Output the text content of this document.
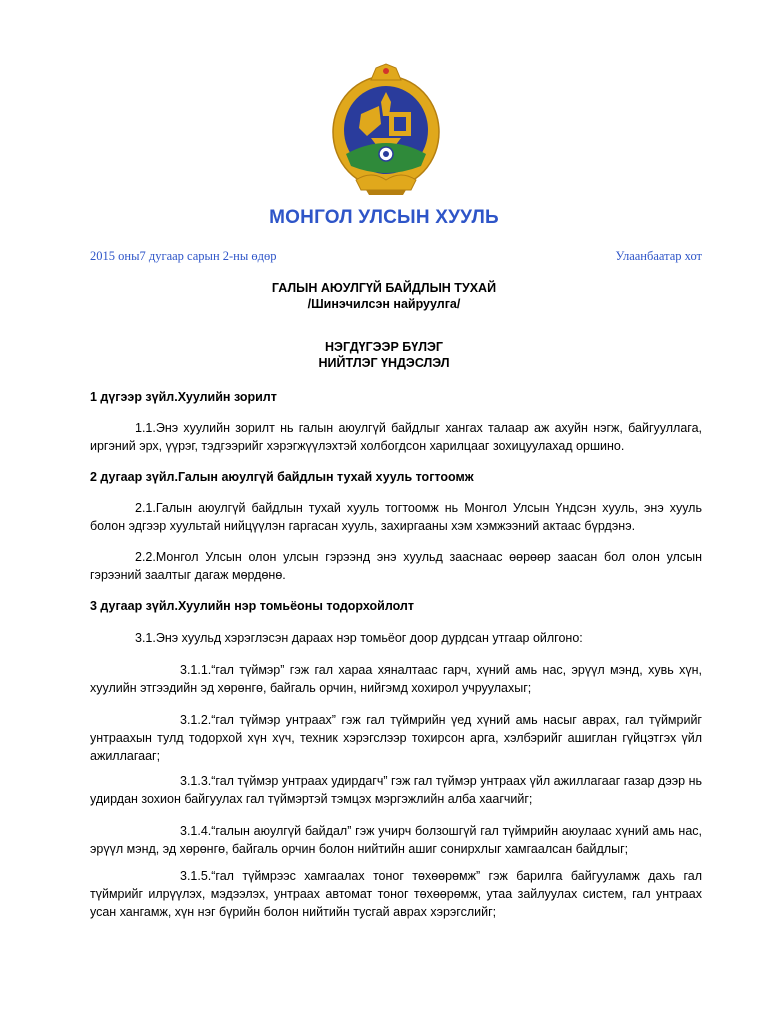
МОНГОЛ УЛСЫН ХУУЛЬ
2015 оны7 дугаар сарын 2-ны өдөр	Улаанбаатар хот
ГАЛЫН АЮУЛГҮЙ БАЙДЛЫН ТУХАЙ
/Шинэчилсэн найруулга/
НЭГДҮГЭЭР БҮЛЭГ
НИЙТЛЭГ ҮНДЭСЛЭЛ
1 дүгээр зүйл.Хуулийн зорилт
1.1.Энэ хуулийн зорилт нь галын аюулгүй байдлыг хангах талаар аж ахуйн нэгж, байгууллага, иргэний эрх, үүрэг, тэдгээрийг хэрэгжүүлэхтэй холбогдсон харилцааг зохицуулахад оршино.
2 дугаар зүйл.Галын аюулгүй байдлын тухай хууль тогтоомж
2.1.Галын аюулгүй байдлын тухай хууль тогтоомж нь Монгол Улсын Үндсэн хууль, энэ хууль болон эдгээр хуультай нийцүүлэн гаргасан хууль, захиргааны хэм хэмжээний актаас бүрдэнэ.
2.2.Монгол Улсын олон улсын гэрээнд энэ хуульд зааснаас өөрөөр заасан бол олон улсын гэрээний заалтыг дагаж мөрдөнө.
3 дугаар зүйл.Хуулийн нэр томьёоны тодорхойлолт
3.1.Энэ хуульд хэрэглэсэн дараах нэр томьёог доор дурдсан утгаар ойлгоно:
3.1.1.“гал түймэр” гэж гал хараа хяналтаас гарч, хүний амь нас, эрүүл мэнд, хувь хүн, хуулийн этгээдийн эд хөрөнгө, байгаль орчин, нийгэмд хохирол учруулахыг;
3.1.2.“гал түймэр унтраах” гэж гал түймрийн үед хүний амь насыг аврах, гал түймрийг унтраахын тулд тодорхой хүн хүч, техник хэрэгслээр тохирсон арга, хэлбэрийг ашиглан гүйцэтгэх үйл ажиллагааг;
3.1.3.“гал түймэр унтраах удирдагч” гэж гал түймэр унтраах үйл ажиллагааг газар дээр нь удирдан зохион байгуулах гал түймэртэй тэмцэх мэргэжлийн алба хаагчийг;
3.1.4.“галын аюулгүй байдал” гэж учирч болзошгүй гал түймрийн аюулаас хүний амь нас, эрүүл мэнд, эд хөрөнгө, байгаль орчин болон нийтийн ашиг сонирхлыг хамгаалсан байдлыг;
3.1.5.“гал түймрээс хамгаалах тоног төхөөрөмж” гэж барилга байгууламж дахь гал түймрийг илрүүлэх, мэдээлэх, унтраах автомат тоног төхөөрөмж, утаа зайлуулах систем, гал унтраах усан хангамж, хүн нэг бүрийн болон нийтийн тусгай аврах хэрэгслийг;
